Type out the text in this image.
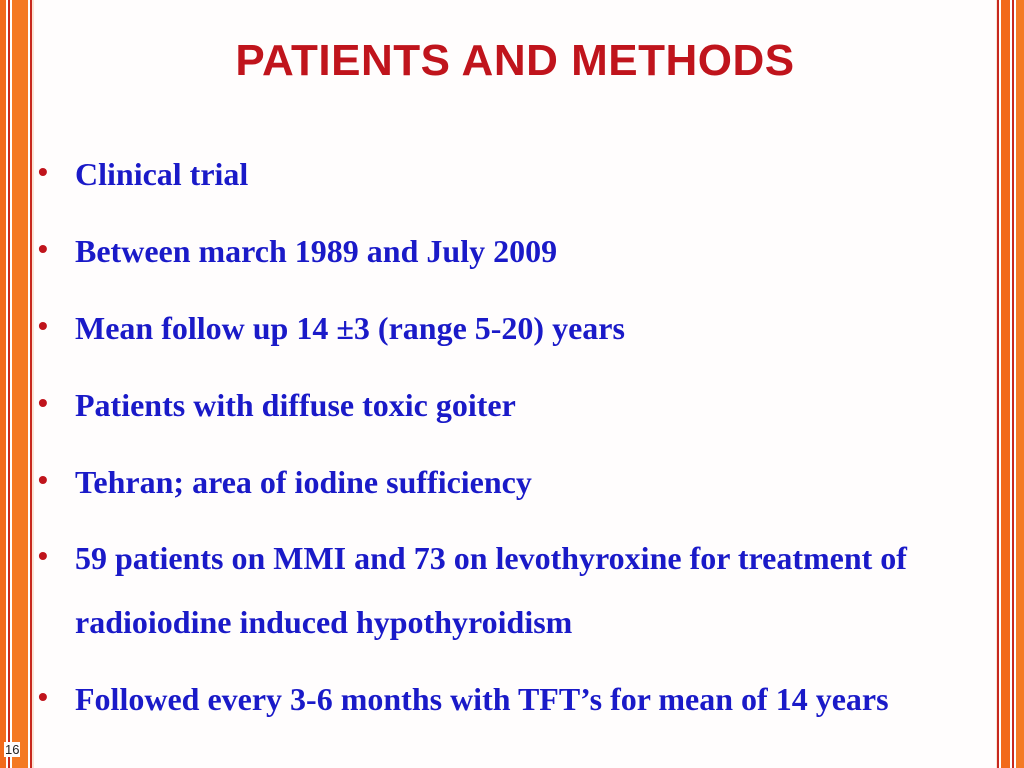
PATIENTS AND METHODS
• Clinical trial
• Between march 1989 and July 2009
• Mean follow up 14 ±3 (range 5-20) years
• Patients with diffuse toxic goiter
• Tehran; area of iodine sufficiency
• 59 patients on MMI and 73 on levothyroxine for treatment of
radioiodine induced hypothyroidism
• Followed every 3-6 months with TFT’s for mean of 14 years
16
